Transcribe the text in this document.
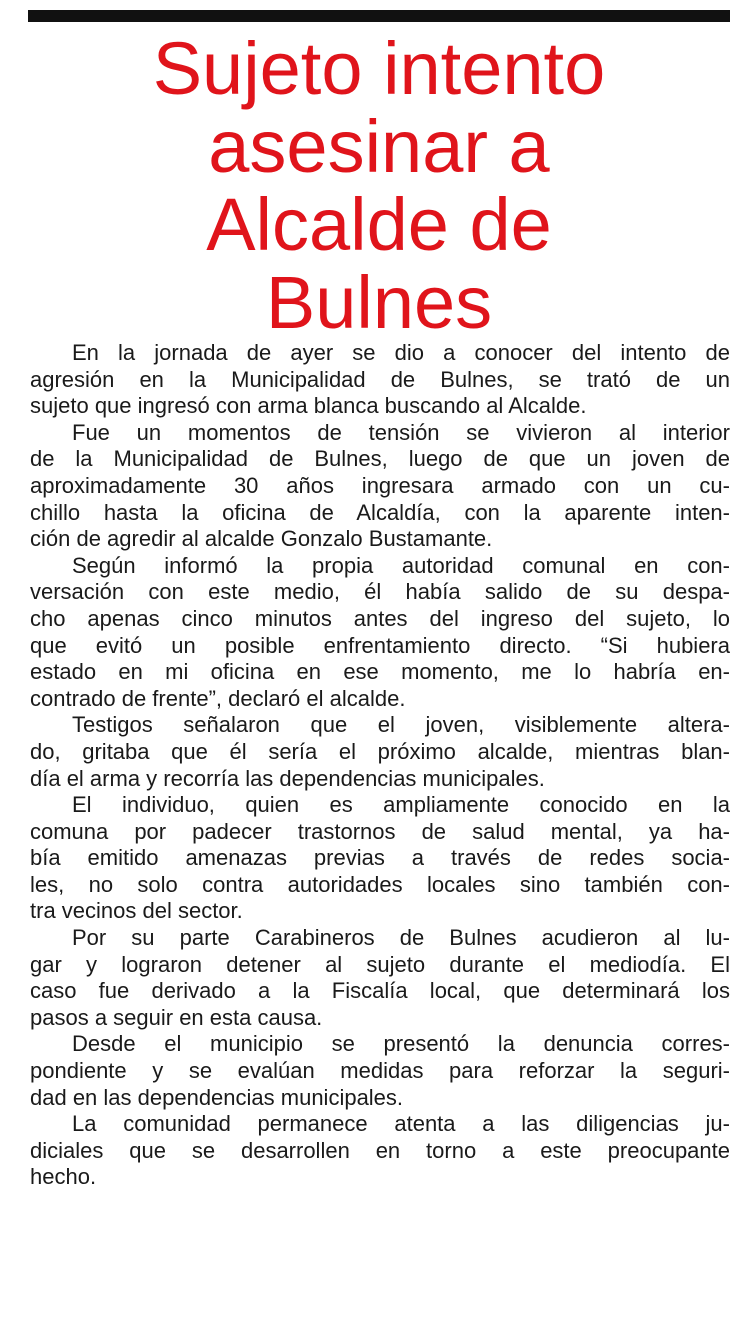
Sujeto intento
asesinar a
Alcalde de
Bulnes

En la jornada de ayer se dio a conocer del intento de
agresión en la Municipalidad de Bulnes, se trató de un
sujeto que ingresó con arma blanca buscando al Alcalde.

Fue un momentos de tensión se vivieron al interior
de la Municipalidad de Bulnes, luego de que un joven de
aproximadamente 30 años ingresara armado con un cu-
chillo hasta la oficina de Alcaldía, con la aparente inten-
ción de agredir al alcalde Gonzalo Bustamante.

Según informó la propia autoridad comunal en con-
versación con este medio, él había salido de su despa-
cho apenas cinco minutos antes del ingreso del sujeto, lo
que evitó un posible enfrentamiento directo. “Si hubiera
estado en mi oficina en ese momento, me lo habría en-
contrado de frente”, declaró el alcalde.

Testigos señalaron que el joven, visiblemente altera-
do, gritaba que él sería el próximo alcalde, mientras blan-
día el arma y recorría las dependencias municipales.

El individuo, quien es ampliamente conocido en la
comuna por padecer trastornos de salud mental, ya ha-
bía emitido amenazas previas a través de redes socia-
les, no solo contra autoridades locales sino también con-
tra vecinos del sector.

Por su parte Carabineros de Bulnes acudieron al lu-
gar y lograron detener al sujeto durante el mediodía. El
caso fue derivado a la Fiscalía local, que determinará los
pasos a seguir en esta causa.

Desde el municipio se presentó la denuncia corres-
pondiente y se evalúan medidas para reforzar la seguri-
dad en las dependencias municipales.

La comunidad permanece atenta a las diligencias ju-
diciales que se desarrollen en torno a este preocupante
hecho.
